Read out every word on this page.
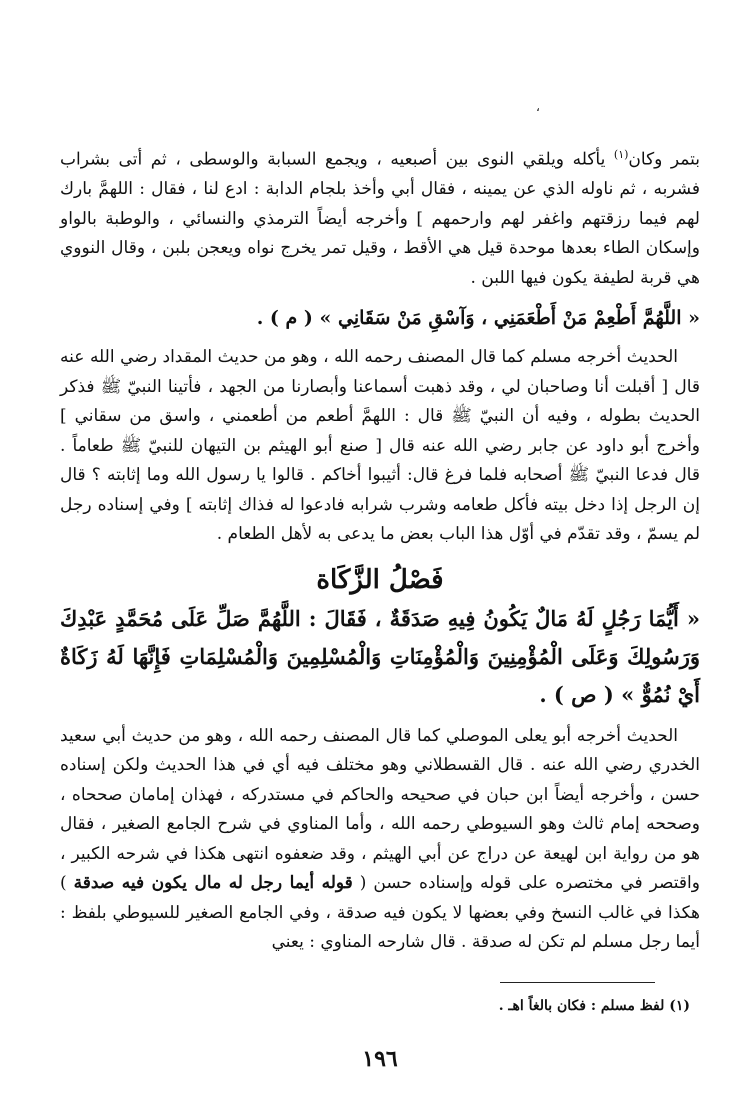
،

بتمر وكان$^{(١)}$ يأكله ويلقي النوى بين أصبعيه ، ويجمع السبابة والوسطى ، ثم أتى بشراب فشربه ، ثم ناوله الذي عن يمينه ، فقال أبي وأخذ بلجام الدابة : ادع لنا ، فقال : اللهمَّ بارك لهم فيما رزقتهم واغفر لهم وارحمهم ] وأخرجه أيضاً الترمذي والنسائي ، والوطبة بالواو وإسكان الطاء بعدها موحدة قيل هي الأقط ، وقيل تمر يخرج نواه ويعجن بلبن ، وقال النووي هي قربة لطيفة يكون فيها اللبن .

« اللَّهُمَّ أَطْعِمْ مَنْ أَطْعَمَنِي ، وَآسْقِ مَنْ سَقَانِي » ( م ) .

الحديث أخرجه مسلم كما قال المصنف رحمه الله ، وهو من حديث المقداد رضي الله عنه قال [ أقبلت أنا وصاحبان لي ، وقد ذهبت أسماعنا وأبصارنا من الجهد ، فأتينا النبيّ ﷺ فذكر الحديث بطوله ، وفيه أن النبيّ ﷺ قال : اللهمَّ أطعم من أطعمني ، واسق من سقاني ] وأخرج أبو داود عن جابر رضي الله عنه قال [ صنع أبو الهيثم بن التيهان للنبيّ ﷺ طعاماً . قال فدعا النبيّ ﷺ أصحابه فلما فرغ قال: أثيبوا أخاكم . قالوا يا رسول الله وما إثابته ؟ قال إن الرجل إذا دخل بيته فأكل طعامه وشرب شرابه فادعوا له فذاك إثابته ] وفي إسناده رجل لم يسمّ ، وقد تقدّم في أوّل هذا الباب بعض ما يدعى به لأهل الطعام .

فَصْلُ الزَّكَاة

« أَيُّمَا رَجُلٍ لَهُ مَالٌ يَكُونُ فِيهِ صَدَقَةٌ ، فَقَالَ : اللَّهُمَّ صَلِّ عَلَى مُحَمَّدٍ عَبْدِكَ وَرَسُولِكَ وَعَلَى الْمُؤْمِنِينَ وَالْمُؤْمِنَاتِ وَالْمُسْلِمِينَ وَالْمُسْلِمَاتِ فَإِنَّهَا لَهُ زَكَاةٌ أَيْ نُمُوٌّ » ( ص ) .

الحديث أخرجه أبو يعلى الموصلي كما قال المصنف رحمه الله ، وهو من حديث أبي سعيد الخدري رضي الله عنه . قال القسطلاني وهو مختلف فيه أي في هذا الحديث ولكن إسناده حسن ، وأخرجه أيضاً ابن حبان في صحيحه والحاكم في مستدركه ، فهذان إمامان صححاه ، وصححه إمام ثالث وهو السيوطي رحمه الله ، وأما المناوي في شرح الجامع الصغير ، فقال هو من رواية ابن لهيعة عن دراج عن أبي الهيثم ، وقد ضعفوه انتهى هكذا في شرحه الكبير ، واقتصر في مختصره على قوله وإسناده حسن ( قوله أيما رجل له مال يكون فيه صدقة ) هكذا في غالب النسخ وفي بعضها لا يكون فيه صدقة ، وفي الجامع الصغير للسيوطي بلفظ : أيما رجل مسلم لم تكن له صدقة . قال شارحه المناوي : يعني

(١) لفظ مسلم : فكان بالغاً اهـ .
١٩٦
